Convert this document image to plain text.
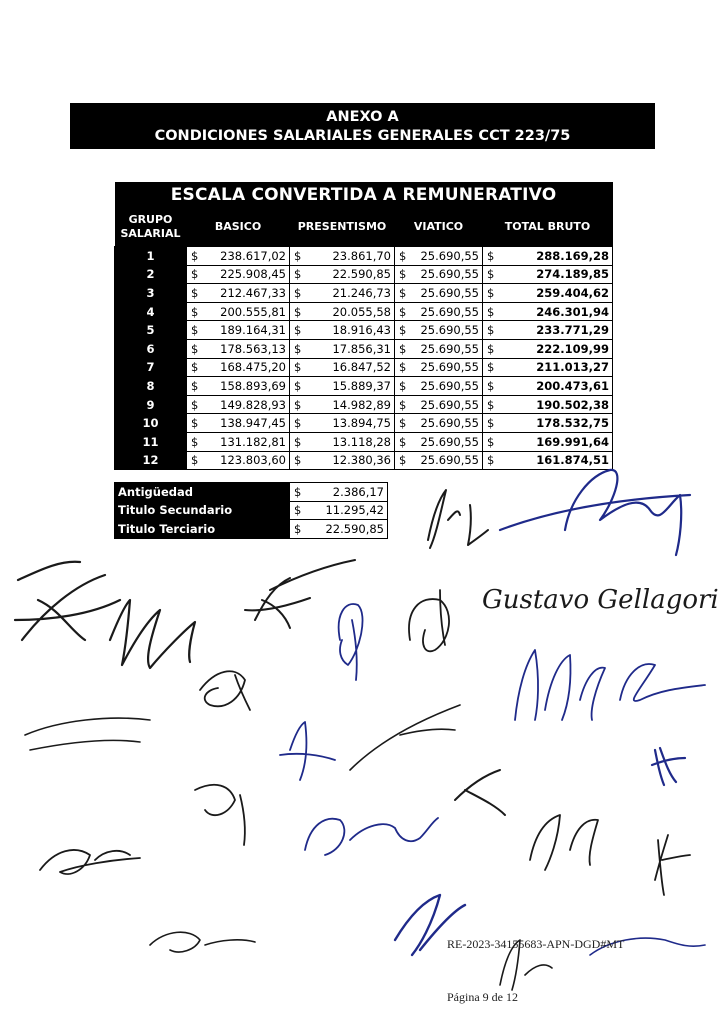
ANEXO A
CONDICIONES SALARIALES GENERALES CCT 223/75
ESCALA CONVERTIDA A REMUNERATIVO				
GRUPO SALARIAL	BASICO	PRESENTISMO	VIATICO	TOTAL BRUTO
1	$ 238.617,02	$ 23.861,70	$ 25.690,55	$ 288.169,28

2	$ 225.908,45	$ 22.590,85	$ 25.690,55	$ 274.189,85

3	$ 212.467,33	$ 21.246,73	$ 25.690,55	$ 259.404,62

4	$ 200.555,81	$ 20.055,58	$ 25.690,55	$ 246.301,94

5	$ 189.164,31	$ 18.916,43	$ 25.690,55	$ 233.771,29

6	$ 178.563,13	$ 17.856,31	$ 25.690,55	$ 222.109,99

7	$ 168.475,20	$ 16.847,52	$ 25.690,55	$ 211.013,27

8	$ 158.893,69	$ 15.889,37	$ 25.690,55	$ 200.473,61

9	$ 149.828,93	$ 14.982,89	$ 25.690,55	$ 190.502,38

10	$ 138.947,45	$ 13.894,75	$ 25.690,55	$ 178.532,75

11	$ 131.182,81	$ 13.118,28	$ 25.690,55	$ 169.991,64

12	$ 123.803,60	$ 12.380,36	$ 25.690,55	$ 161.874,51
Antigüedad	$ 2.386,17

Titulo Secundario	$ 11.295,42

Titulo Terciario	$ 22.590,85
Gustavo Gellagori
RE-2023-34155683-APN-DGD#MT
Página 9 de 12
